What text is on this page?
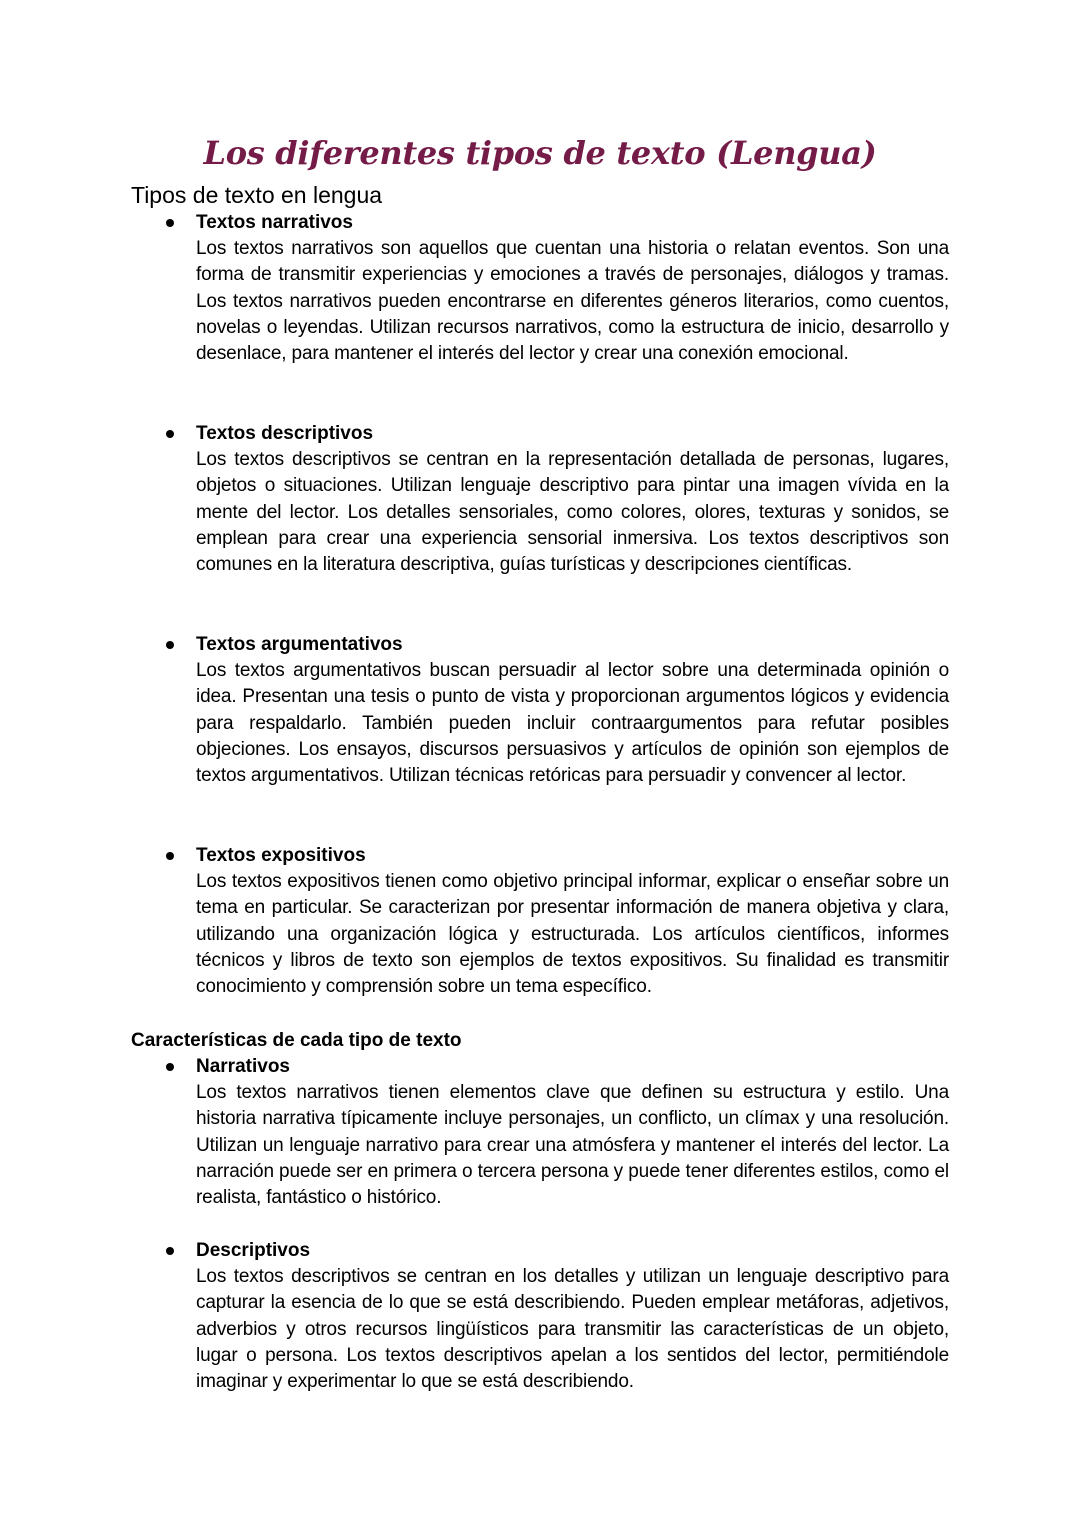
Los diferentes tipos de texto (Lengua)
Tipos de texto en lengua
Textos narrativos

Los textos narrativos son aquellos que cuentan una historia o relatan eventos. Son una forma de transmitir experiencias y emociones a través de personajes, diálogos y tramas. Los textos narrativos pueden encontrarse en diferentes géneros literarios, como cuentos, novelas o leyendas. Utilizan recursos narrativos, como la estructura de inicio, desarrollo y desenlace, para mantener el interés del lector y crear una conexión emocional.

Textos descriptivos

Los textos descriptivos se centran en la representación detallada de personas, lugares, objetos o situaciones. Utilizan lenguaje descriptivo para pintar una imagen vívida en la mente del lector. Los detalles sensoriales, como colores, olores, texturas y sonidos, se emplean para crear una experiencia sensorial inmersiva. Los textos descriptivos son comunes en la literatura descriptiva, guías turísticas y descripciones científicas.

Textos argumentativos

Los textos argumentativos buscan persuadir al lector sobre una determinada opinión o idea. Presentan una tesis o punto de vista y proporcionan argumentos lógicos y evidencia para respaldarlo. También pueden incluir contraargumentos para refutar posibles objeciones. Los ensayos, discursos persuasivos y artículos de opinión son ejemplos de textos argumentativos. Utilizan técnicas retóricas para persuadir y convencer al lector.

Textos expositivos

Los textos expositivos tienen como objetivo principal informar, explicar o enseñar sobre un tema en particular. Se caracterizan por presentar información de manera objetiva y clara, utilizando una organización lógica y estructurada. Los artículos científicos, informes técnicos y libros de texto son ejemplos de textos expositivos. Su finalidad es transmitir conocimiento y comprensión sobre un tema específico.

Características de cada tipo de texto
Narrativos

Los textos narrativos tienen elementos clave que definen su estructura y estilo. Una historia narrativa típicamente incluye personajes, un conflicto, un clímax y una resolución. Utilizan un lenguaje narrativo para crear una atmósfera y mantener el interés del lector. La narración puede ser en primera o tercera persona y puede tener diferentes estilos, como el realista, fantástico o histórico.

Descriptivos

Los textos descriptivos se centran en los detalles y utilizan un lenguaje descriptivo para capturar la esencia de lo que se está describiendo. Pueden emplear metáforas, adjetivos, adverbios y otros recursos lingüísticos para transmitir las características de un objeto, lugar o persona. Los textos descriptivos apelan a los sentidos del lector, permitiéndole imaginar y experimentar lo que se está describiendo.
